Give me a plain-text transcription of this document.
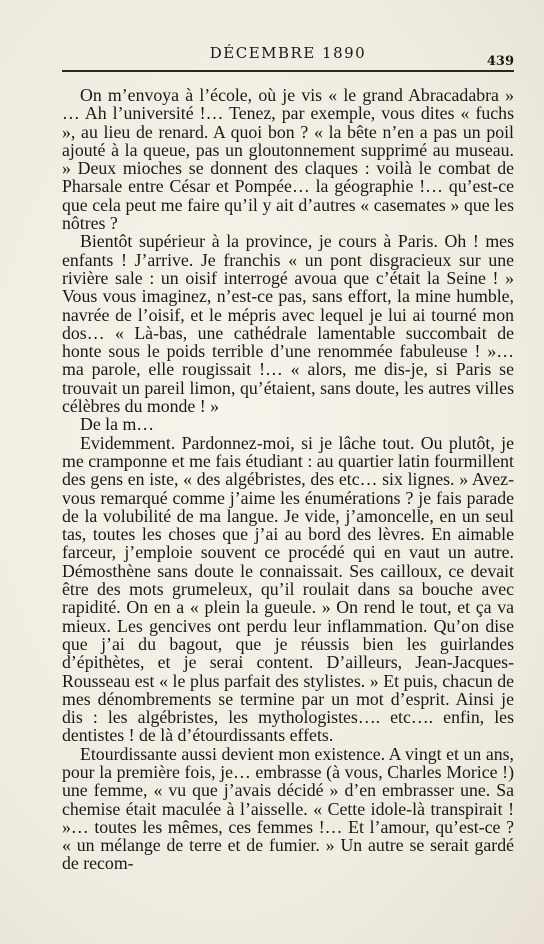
DÉCEMBRE 1890	439

On m’envoya à l’école, où je vis « le grand Abracadabra » … Ah l’université !… Tenez, par exemple, vous dites « fuchs », au lieu de renard. A quoi bon ? « la bête n’en a pas un poil ajouté à la queue, pas un gloutonnement supprimé au museau. » Deux mioches se donnent des claques : voilà le combat de Pharsale entre César et Pompée… la géographie !… qu’est-ce que cela peut me faire qu’il y ait d’autres « casemates » que les nôtres ?

Bientôt supérieur à la province, je cours à Paris. Oh ! mes enfants ! J’arrive. Je franchis « un pont disgracieux sur une rivière sale : un oisif interrogé avoua que c’était la Seine ! » Vous vous imaginez, n’est-ce pas, sans effort, la mine humble, navrée de l’oisif, et le mépris avec lequel je lui ai tourné mon dos… « Là-bas, une cathédrale lamentable succombait de honte sous le poids terrible d’une renommée fabuleuse ! »… ma parole, elle rougissait !… « alors, me dis-je, si Paris se trouvait un pareil limon, qu’étaient, sans doute, les autres villes célèbres du monde ! »

De la m…

Evidemment. Pardonnez-moi, si je lâche tout. Ou plutôt, je me cramponne et me fais étudiant : au quartier latin fourmillent des gens en iste, « des algébristes, des etc… six lignes. » Avez-vous remarqué comme j’aime les énumérations ? je fais parade de la volubilité de ma langue. Je vide, j’amoncelle, en un seul tas, toutes les choses que j’ai au bord des lèvres. En aimable farceur, j’emploie souvent ce procédé qui en vaut un autre. Démosthène sans doute le connaissait. Ses cailloux, ce devait être des mots grumeleux, qu’il roulait dans sa bouche avec rapidité. On en a « plein la gueule. » On rend le tout, et ça va mieux. Les gencives ont perdu leur inflammation. Qu’on dise que j’ai du bagout, que je réussis bien les guirlandes d’épithètes, et je serai content. D’ailleurs, Jean-Jacques-Rousseau est « le plus parfait des stylistes. » Et puis, chacun de mes dénombrements se termine par un mot d’esprit. Ainsi je dis : les algébristes, les mythologistes…. etc…. enfin, les dentistes ! de là d’étourdissants effets.

Etourdissante aussi devient mon existence. A vingt et un ans, pour la première fois, je… embrasse (à vous, Charles Morice !) une femme, « vu que j’avais décidé » d’en embrasser une. Sa chemise était maculée à l’aisselle. « Cette idole-là transpirait ! »… toutes les mêmes, ces femmes !… Et l’amour, qu’est-ce ? « un mélange de terre et de fumier. » Un autre se serait gardé de recom-
